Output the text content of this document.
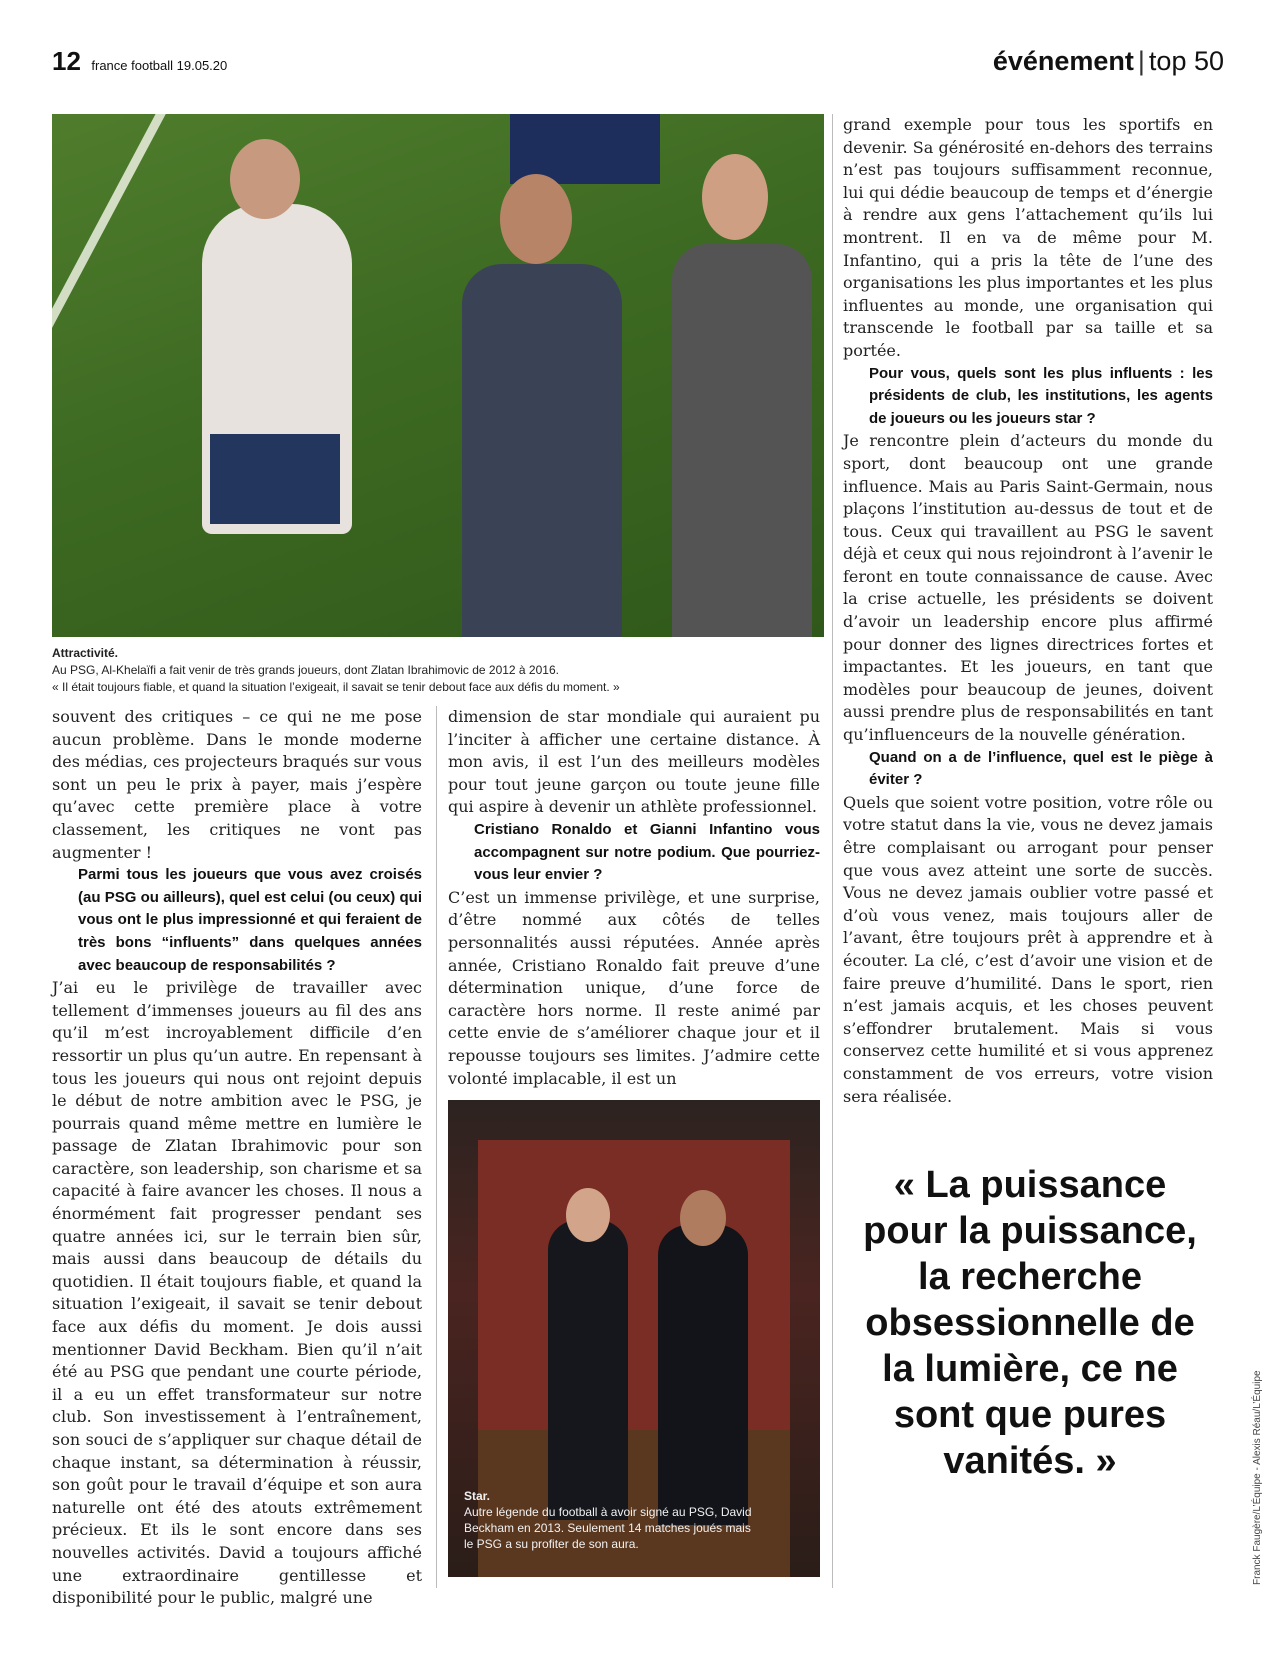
12 france football 19.05.20	événement | top 50
Attractivité.
Au PSG, Al-Khelaïfi a fait venir de très grands joueurs, dont Zlatan Ibrahimovic de 2012 à 2016.
« Il était toujours fiable, et quand la situation l’exigeait, il savait se tenir debout face aux défis du moment. »

souvent des critiques – ce qui ne me pose aucun problème. Dans le monde moderne des médias, ces projecteurs braqués sur vous sont un peu le prix à payer, mais j’espère qu’avec cette première place à votre classement, les critiques ne vont pas augmenter !

Parmi tous les joueurs que vous avez croisés (au PSG ou ailleurs), quel est celui (ou ceux) qui vous ont le plus impressionné et qui feraient de très bons “influents” dans quelques années avec beaucoup de responsabilités ?

J’ai eu le privilège de travailler avec tellement d’immenses joueurs au fil des ans qu’il m’est incroyablement difficile d’en ressortir un plus qu’un autre. En repensant à tous les joueurs qui nous ont rejoint depuis le début de notre ambition avec le PSG, je pourrais quand même mettre en lumière le passage de Zlatan Ibrahimovic pour son caractère, son leadership, son charisme et sa capacité à faire avancer les choses. Il nous a énormément fait progresser pendant ses quatre années ici, sur le terrain bien sûr, mais aussi dans beaucoup de détails du quotidien. Il était toujours fiable, et quand la situation l’exigeait, il savait se tenir debout face aux défis du moment. Je dois aussi mentionner David Beckham. Bien qu’il n’ait été au PSG que pendant une courte période, il a eu un effet transformateur sur notre club. Son investissement à l’entraînement, son souci de s’appliquer sur chaque détail de chaque instant, sa détermination à réussir, son goût pour le travail d’équipe et son aura naturelle ont été des atouts extrêmement précieux. Et ils le sont encore dans ses nouvelles activités. David a toujours affiché une extraordinaire gentillesse et disponibilité pour le public, malgré une

dimension de star mondiale qui auraient pu l’inciter à afficher une certaine distance. À mon avis, il est l’un des meilleurs modèles pour tout jeune garçon ou toute jeune fille qui aspire à devenir un athlète professionnel.

Cristiano Ronaldo et Gianni Infantino vous accompagnent sur notre podium. Que pourriez-vous leur envier ?

C’est un immense privilège, et une surprise, d’être nommé aux côtés de telles personnalités aussi réputées. Année après année, Cristiano Ronaldo fait preuve d’une détermination unique, d’une force de caractère hors norme. Il reste animé par cette envie de s’améliorer chaque jour et il repousse toujours ses limites. J’admire cette volonté implacable, il est un

Star.
Autre légende du football à avoir signé au PSG, David Beckham en 2013. Seulement 14 matches joués mais le PSG a su profiter de son aura.

grand exemple pour tous les sportifs en devenir. Sa générosité en-dehors des terrains n’est pas toujours suffisamment reconnue, lui qui dédie beaucoup de temps et d’énergie à rendre aux gens l’attachement qu’ils lui montrent. Il en va de même pour M. Infantino, qui a pris la tête de l’une des organisations les plus importantes et les plus influentes au monde, une organisation qui transcende le football par sa taille et sa portée.

Pour vous, quels sont les plus influents : les présidents de club, les institutions, les agents de joueurs ou les joueurs star ?

Je rencontre plein d’acteurs du monde du sport, dont beaucoup ont une grande influence. Mais au Paris Saint-Germain, nous plaçons l’institution au-dessus de tout et de tous. Ceux qui travaillent au PSG le savent déjà et ceux qui nous rejoindront à l’avenir le feront en toute connaissance de cause. Avec la crise actuelle, les présidents se doivent d’avoir un leadership encore plus affirmé pour donner des lignes directrices fortes et impactantes. Et les joueurs, en tant que modèles pour beaucoup de jeunes, doivent aussi prendre plus de responsabilités en tant qu’influenceurs de la nouvelle génération.

Quand on a de l’influence, quel est le piège à éviter ?

Quels que soient votre position, votre rôle ou votre statut dans la vie, vous ne devez jamais être complaisant ou arrogant pour penser que vous avez atteint une sorte de succès. Vous ne devez jamais oublier votre passé et d’où vous venez, mais toujours aller de l’avant, être toujours prêt à apprendre et à écouter. La clé, c’est d’avoir une vision et de faire preuve d’humilité. Dans le sport, rien n’est jamais acquis, et les choses peuvent s’effondrer brutalement. Mais si vous conservez cette humilité et si vous apprenez constamment de vos erreurs, votre vision sera réalisée.

« La puissance pour la puissance, la recherche obsessionnelle de la lumière, ce ne sont que pures vanités. »	Franck Faugère/L’Équipe - Alexis Réau/L’Équipe
